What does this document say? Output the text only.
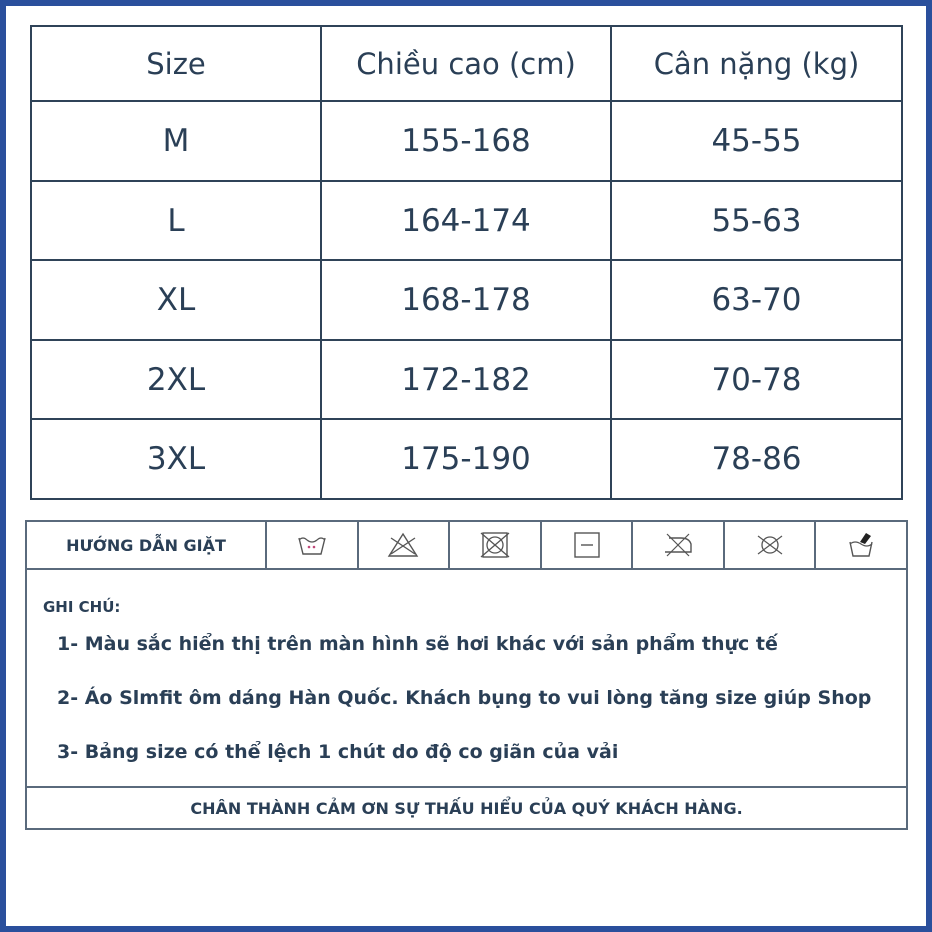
Size	Chiều cao (cm)	Cân nặng (kg)
M	155-168	45-55
L	164-174	55-63
XL	168-178	63-70
2XL	172-182	70-78
3XL	175-190	78-86
HƯỚNG DẪN GIẶT
GHI CHÚ:
1- Màu sắc hiển thị trên màn hình sẽ hơi khác với sản phẩm thực tế
2- Áo Slmfit ôm dáng Hàn Quốc. Khách bụng to vui lòng tăng size giúp Shop
3- Bảng size có thể lệch 1 chút do độ co giãn của vải
CHÂN THÀNH CẢM ƠN SỰ THẤU HIỂU CỦA QUÝ KHÁCH HÀNG.
